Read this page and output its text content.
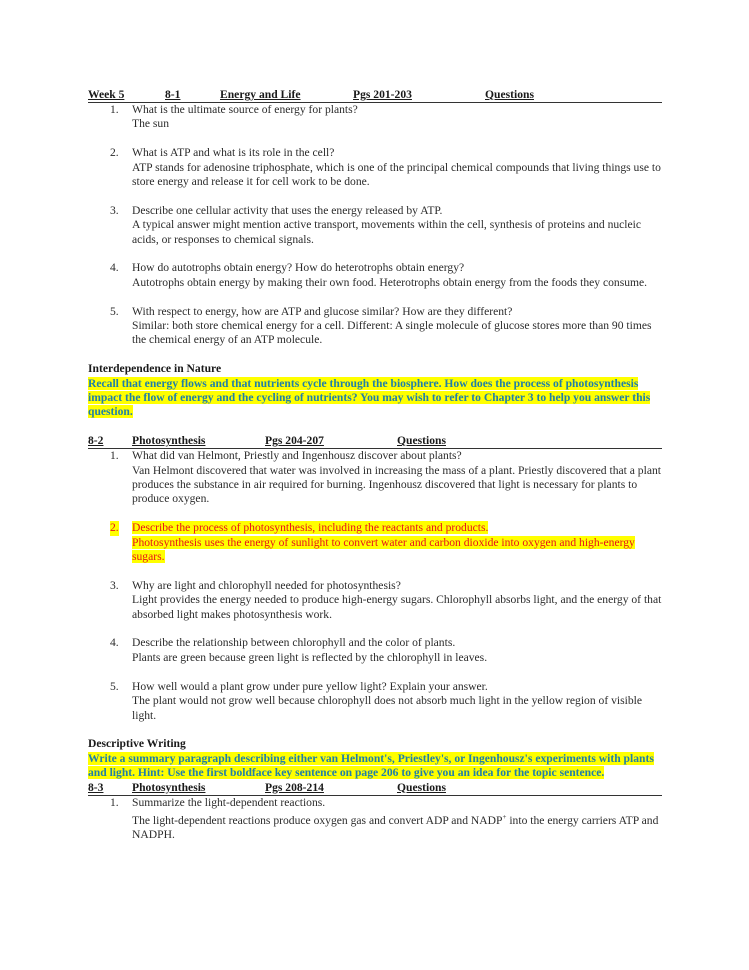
Week 5	8-1	Energy and Life	Pgs 201-203	Questions
1. What is the ultimate source of energy for plants?
The sun
2. What is ATP and what is its role in the cell?
ATP stands for adenosine triphosphate, which is one of the principal chemical compounds that living things use to store energy and release it for cell work to be done.
3. Describe one cellular activity that uses the energy released by ATP.
A typical answer might mention active transport, movements within the cell, synthesis of proteins and nucleic acids, or responses to chemical signals.
4. How do autotrophs obtain energy? How do heterotrophs obtain energy?
Autotrophs obtain energy by making their own food. Heterotrophs obtain energy from the foods they consume.
5. With respect to energy, how are ATP and glucose similar? How are they different?
Similar: both store chemical energy for a cell. Different: A single molecule of glucose stores more than 90 times the chemical energy of an ATP molecule.
Interdependence in Nature
Recall that energy flows and that nutrients cycle through the biosphere. How does the process of photosynthesis impact the flow of energy and the cycling of nutrients? You may wish to refer to Chapter 3 to help you answer this question.
8-2 Photosynthesis	Pgs 204-207	Questions
1. What did van Helmont, Priestly and Ingenhousz discover about plants?
Van Helmont discovered that water was involved in increasing the mass of a plant. Priestly discovered that a plant produces the substance in air required for burning. Ingenhousz discovered that light is necessary for plants to produce oxygen.
2. Describe the process of photosynthesis, including the reactants and products.
Photosynthesis uses the energy of sunlight to convert water and carbon dioxide into oxygen and high-energy sugars.
3. Why are light and chlorophyll needed for photosynthesis?
Light provides the energy needed to produce high-energy sugars. Chlorophyll absorbs light, and the energy of that absorbed light makes photosynthesis work.
4. Describe the relationship between chlorophyll and the color of plants.
Plants are green because green light is reflected by the chlorophyll in leaves.
5. How well would a plant grow under pure yellow light? Explain your answer.
The plant would not grow well because chlorophyll does not absorb much light in the yellow region of visible light.
Descriptive Writing
Write a summary paragraph describing either van Helmont's, Priestley's, or Ingenhousz's experiments with plants and light. Hint: Use the first boldface key sentence on page 206 to give you an idea for the topic sentence.
8-3 Photosynthesis	Pgs 208-214	Questions
1. Summarize the light-dependent reactions.
The light-dependent reactions produce oxygen gas and convert ADP and NADP+ into the energy carriers ATP and NADPH.
